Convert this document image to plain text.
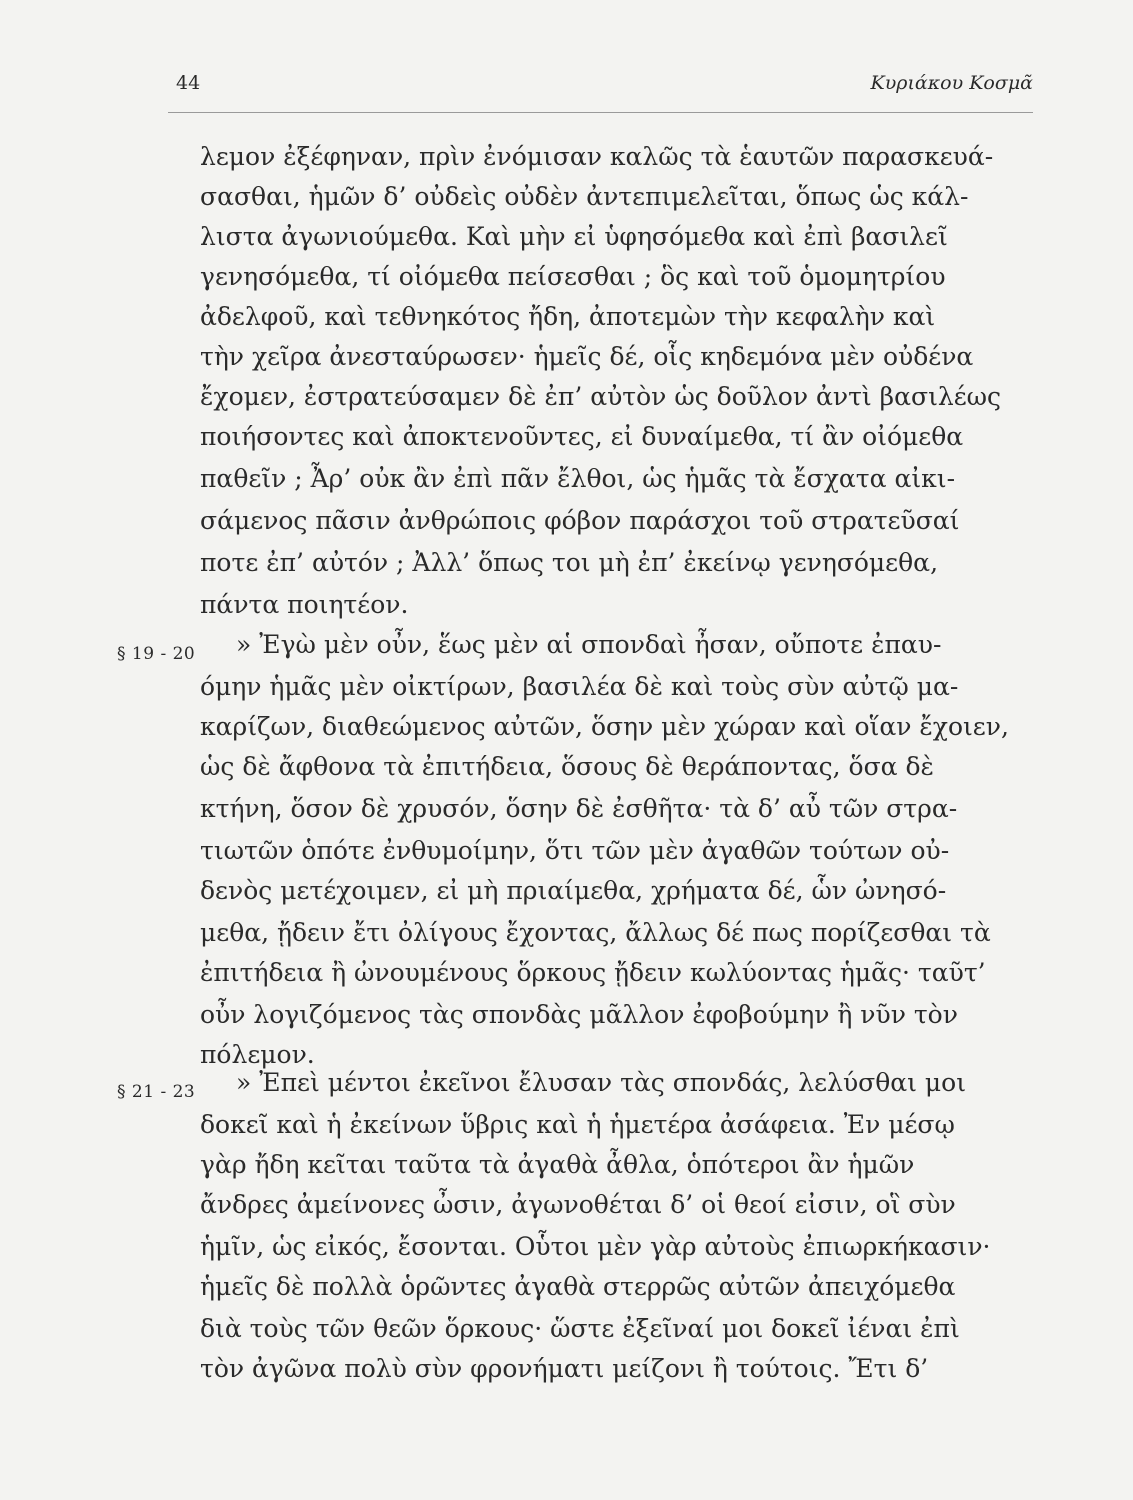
44	Κυριάκου Κοσμᾶ
§ 19 - 20
§ 21 - 23
λεμον ἐξέφηναν, πρὶν ἐνόμισαν καλῶς τὰ ἑαυτῶν παρασκευά-
σασθαι, ἡμῶν δ’ οὐδεὶς οὐδὲν ἀντεπιμελεῖται, ὅπως ὡς κάλ-
λιστα ἀγωνιούμεθα. Καὶ μὴν εἰ ὑφησόμεθα καὶ ἐπὶ βασιλεῖ
γενησόμεθα, τί οἰόμεθα πείσεσθαι ; ὃς καὶ τοῦ ὁμομητρίου
ἀδελφοῦ, καὶ τεθνηκότος ἤδη, ἀποτεμὼν τὴν κεφαλὴν καὶ
τὴν χεῖρα ἀνεσταύρωσεν· ἡμεῖς δέ, οἷς κηδεμόνα μὲν οὐδένα
ἔχομεν, ἐστρατεύσαμεν δὲ ἐπ’ αὐτὸν ὡς δοῦλον ἀντὶ βασιλέως
ποιήσοντες καὶ ἀποκτενοῦντες, εἰ δυναίμεθα, τί ἂν οἰόμεθα
παθεῖν ; Ἆρ’ οὐκ ἂν ἐπὶ πᾶν ἔλθοι, ὡς ἡμᾶς τὰ ἔσχατα αἰκι-
σάμενος πᾶσιν ἀνθρώποις φόβον παράσχοι τοῦ στρατεῦσαί
ποτε ἐπ’ αὐτόν ; Ἀλλ’ ὅπως τοι μὴ ἐπ’ ἐκείνῳ γενησόμεθα,
πάντα ποιητέον.
» Ἐγὼ μὲν οὖν, ἕως μὲν αἱ σπονδαὶ ἦσαν, οὔποτε ἐπαυ-
όμην ἡμᾶς μὲν οἰκτίρων, βασιλέα δὲ καὶ τοὺς σὺν αὐτῷ μα-
καρίζων, διαθεώμενος αὐτῶν, ὅσην μὲν χώραν καὶ οἵαν ἔχοιεν,
ὡς δὲ ἄφθονα τὰ ἐπιτήδεια, ὅσους δὲ θεράποντας, ὅσα δὲ
κτήνη, ὅσον δὲ χρυσόν, ὅσην δὲ ἐσθῆτα· τὰ δ’ αὖ τῶν στρα-
τιωτῶν ὁπότε ἐνθυμοίμην, ὅτι τῶν μὲν ἀγαθῶν τούτων οὐ-
δενὸς μετέχοιμεν, εἰ μὴ πριαίμεθα, χρήματα δέ, ὧν ὠνησό-
μεθα, ᾔδειν ἔτι ὀλίγους ἔχοντας, ἄλλως δέ πως πορίζεσθαι τὰ
ἐπιτήδεια ἢ ὠνουμένους ὅρκους ᾔδειν κωλύοντας ἡμᾶς· ταῦτ’
οὖν λογιζόμενος τὰς σπονδὰς μᾶλλον ἐφοβούμην ἢ νῦν τὸν
πόλεμον.
» Ἐπεὶ μέντοι ἐκεῖνοι ἔλυσαν τὰς σπονδάς, λελύσθαι μοι
δοκεῖ καὶ ἡ ἐκείνων ὕβρις καὶ ἡ ἡμετέρα ἀσάφεια. Ἐν μέσῳ
γὰρ ἤδη κεῖται ταῦτα τὰ ἀγαθὰ ἆθλα, ὁπότεροι ἂν ἡμῶν
ἄνδρες ἀμείνονες ὦσιν, ἀγωνοθέται δ’ οἱ θεοί εἰσιν, οἳ σὺν
ἡμῖν, ὡς εἰκός, ἔσονται. Οὗτοι μὲν γὰρ αὐτοὺς ἐπιωρκήκασιν·
ἡμεῖς δὲ πολλὰ ὁρῶντες ἀγαθὰ στερρῶς αὐτῶν ἀπειχόμεθα
διὰ τοὺς τῶν θεῶν ὅρκους· ὥστε ἐξεῖναί μοι δοκεῖ ἰέναι ἐπὶ
τὸν ἀγῶνα πολὺ σὺν φρονήματι μείζονι ἢ τούτοις. Ἔτι δ’
